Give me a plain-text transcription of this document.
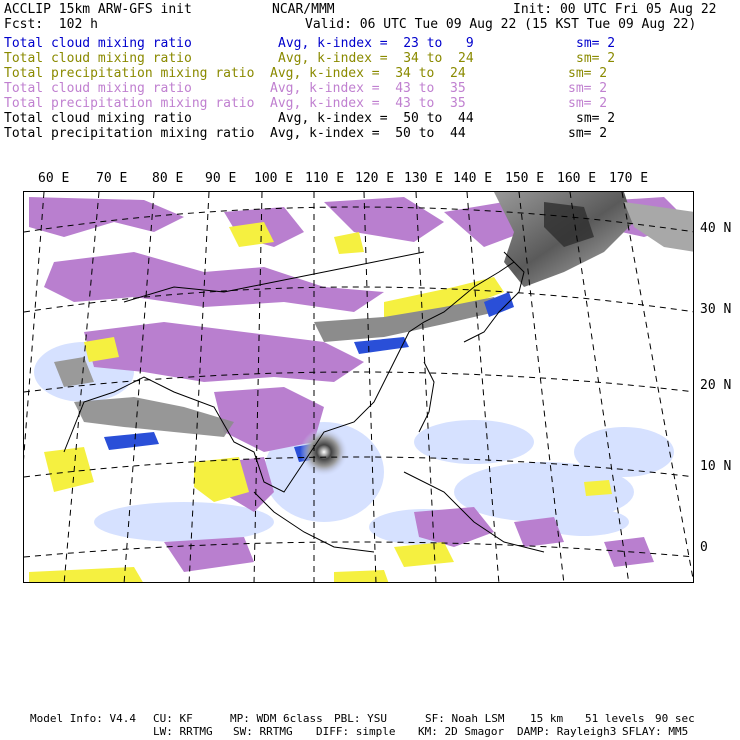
ACCLIP 15km ARW-GFS init	NCAR/MMM	Init: 00 UTC Fri 05 Aug 22
Fcst:  102 h	Valid: 06 UTC Tue 09 Aug 22 (15 KST Tue 09 Aug 22)
Total cloud mixing ratio	Avg, k-index =  23 to   9	sm= 2
Total cloud mixing ratio	Avg, k-index =  34 to  24	sm= 2
Total precipitation mixing ratio Avg, k-index =  34 to  24	sm= 2
Total cloud mixing ratio	Avg, k-index =  43 to  35	sm= 2
Total precipitation mixing ratio Avg, k-index =  43 to  35	sm= 2
Total cloud mixing ratio	Avg, k-index =  50 to  44	sm= 2
Total precipitation mixing ratio Avg, k-index =  50 to  44	sm= 2
60 E 70 E 80 E 90 E 100 E 110 E 120 E 130 E 140 E 150 E 160 E 170 E
40 N
30 N
20 N
10 N
0
Model Info: V4.4 CU: KF	MP: WDM 6class PBL: YSU	SF: Noah LSM 15 km 51 levels 90 sec
LW: RRTMG SW: RRTMG DIFF: simple KM: 2D Smagor DAMP: Rayleigh3 SFLAY: MM5
